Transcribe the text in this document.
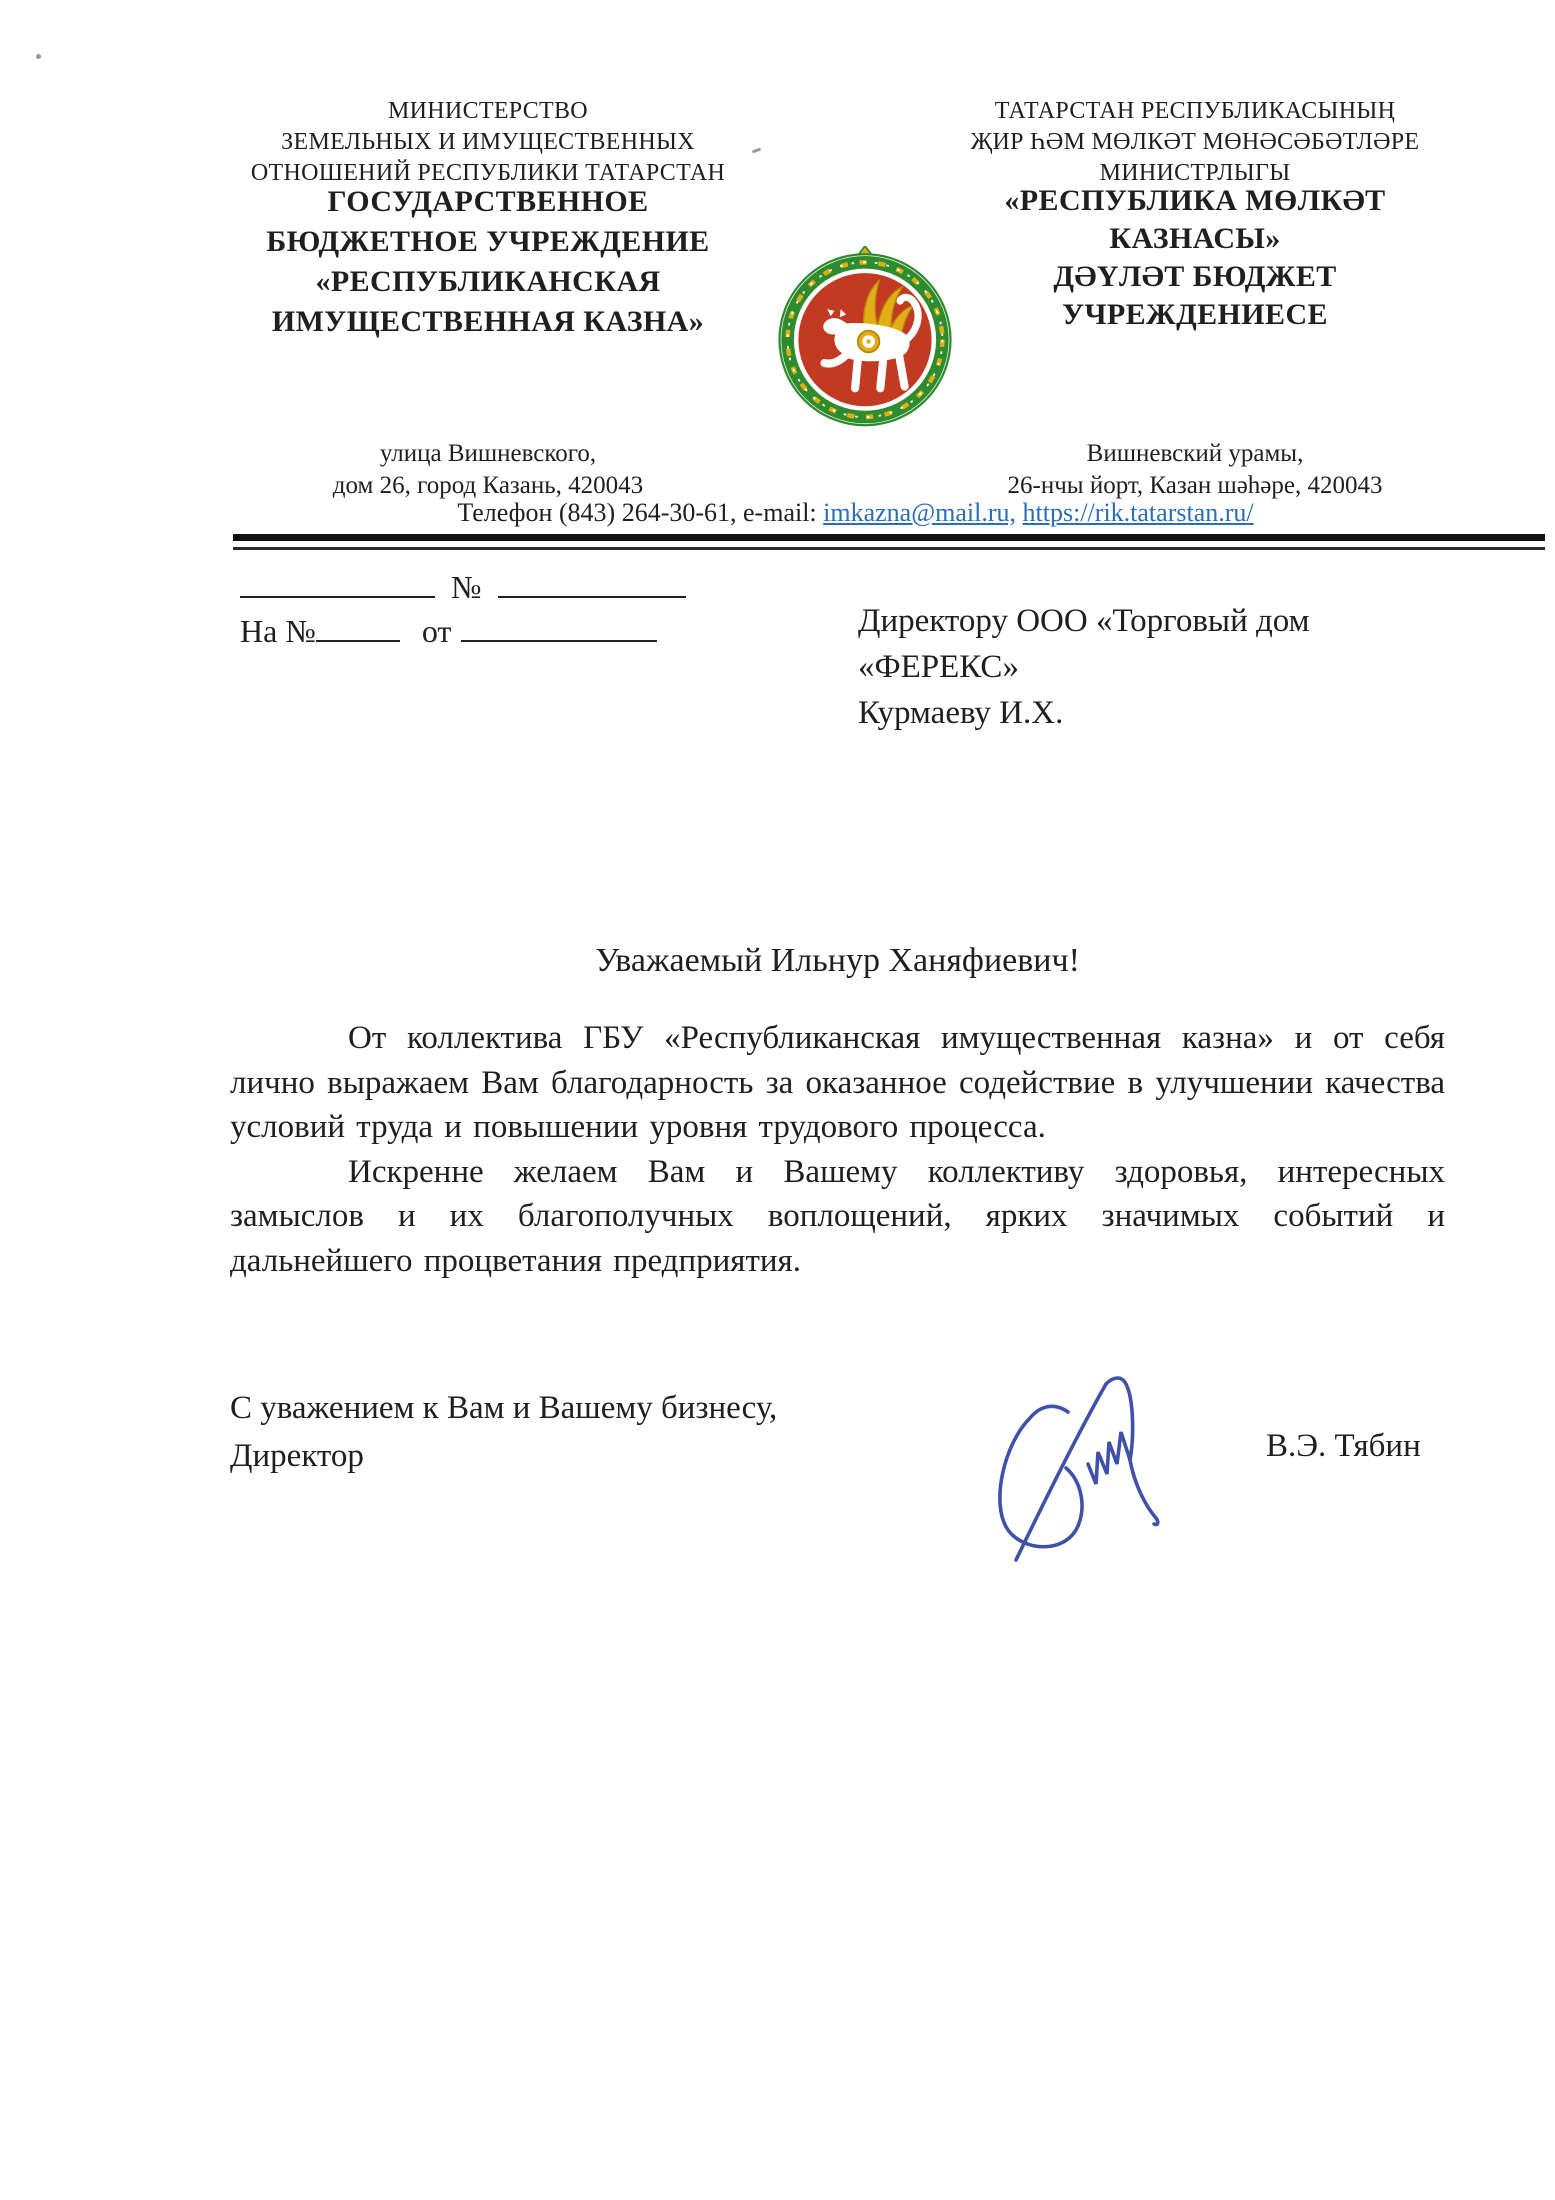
МИНИСТЕРСТВО
ЗЕМЕЛЬНЫХ И ИМУЩЕСТВЕННЫХ
ОТНОШЕНИЙ РЕСПУБЛИКИ ТАТАРСТАН
ГОСУДАРСТВЕННОЕ
БЮДЖЕТНОЕ УЧРЕЖДЕНИЕ
«РЕСПУБЛИКАНСКАЯ
ИМУЩЕСТВЕННАЯ КАЗНА»
ТАТАРСТАН РЕСПУБЛИКАСЫНЫҢ
ҖИР ҺӘМ МӨЛКӘТ МӨНӘСӘБӘТЛӘРЕ
МИНИСТРЛЫГЫ
«РЕСПУБЛИКА МӨЛКӘТ
КАЗНАСЫ»
ДӘҮЛӘТ БЮДЖЕТ
УЧРЕЖДЕНИЕСЕ
улица Вишневского,
дом 26, город Казань, 420043
Вишневский урамы,
26-нчы йорт, Казан шәһәре, 420043
Телефон (843) 264-30-61, e-mail: imkazna@mail.ru, https://rik.tatarstan.ru/
№
На №	от	Директору ООО «Торговый дом
«ФЕРЕКС»
Курмаеву И.Х.
Уважаемый Ильнур Ханяфиевич!

От коллектива ГБУ «Республиканская имущественная казна» и от себя лично выражаем Вам благодарность за оказанное содействие в улучшении качества условий труда и повышении уровня трудового процесса.

Искренне желаем Вам и Вашему коллективу здоровья, интересных замыслов и их благополучных воплощений, ярких значимых событий и дальнейшего процветания предприятия.

С уважением к Вам и Вашему бизнесу,
Директор	В.Э. Тябин
